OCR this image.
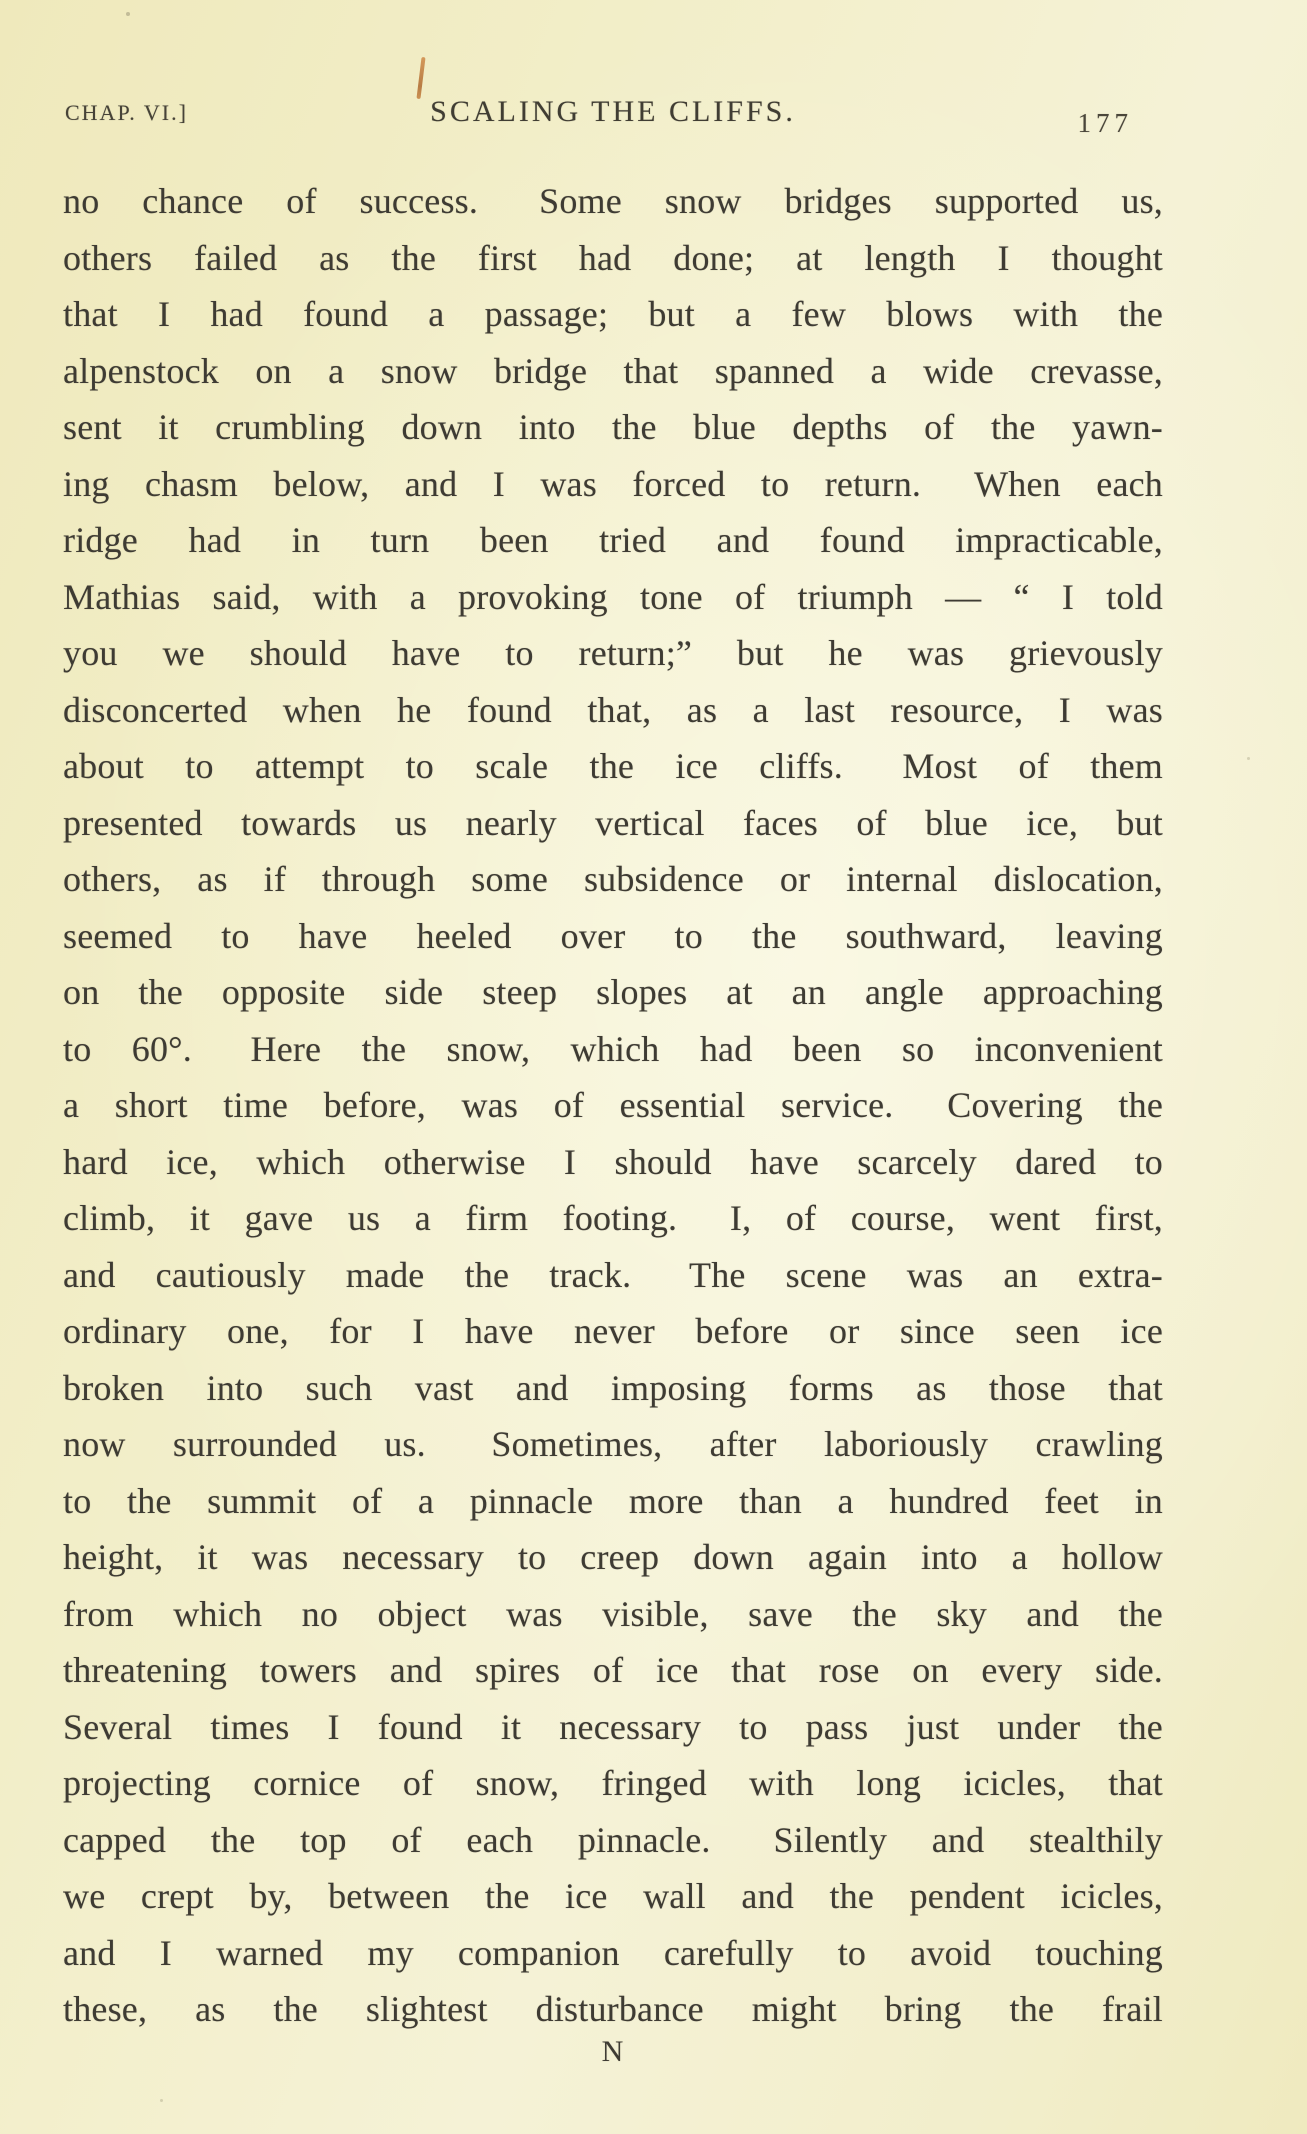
CHAP. VI.]	SCALING THE CLIFFS.	177
no chance of success.  Some snow bridges supported us,
others failed as the first had done; at length I thought
that I had found a passage; but a few blows with the
alpenstock on a snow bridge that spanned a wide crevasse,
sent it crumbling down into the blue depths of the yawn-
ing chasm below, and I was forced to return.  When each
ridge had in turn been tried and found impracticable,
Mathias said, with a provoking tone of triumph — “ I told
you we should have to return;” but he was grievously
disconcerted when he found that, as a last resource, I was
about to attempt to scale the ice cliffs.  Most of them
presented towards us nearly vertical faces of blue ice, but
others, as if through some subsidence or internal dislocation,
seemed to have heeled over to the southward, leaving
on the opposite side steep slopes at an angle approaching
to 60°.  Here the snow, which had been so inconvenient
a short time before, was of essential service.  Covering the
hard ice, which otherwise I should have scarcely dared to
climb, it gave us a firm footing.  I, of course, went first,
and cautiously made the track.  The scene was an extra-
ordinary one, for I have never before or since seen ice
broken into such vast and imposing forms as those that
now surrounded us.  Sometimes, after laboriously crawling
to the summit of a pinnacle more than a hundred feet in
height, it was necessary to creep down again into a hollow
from which no object was visible, save the sky and the
threatening towers and spires of ice that rose on every side.
Several times I found it necessary to pass just under the
projecting cornice of snow, fringed with long icicles, that
capped the top of each pinnacle.  Silently and stealthily
we crept by, between the ice wall and the pendent icicles,
and I warned my companion carefully to avoid touching
these, as the slightest disturbance might bring the frail
N
